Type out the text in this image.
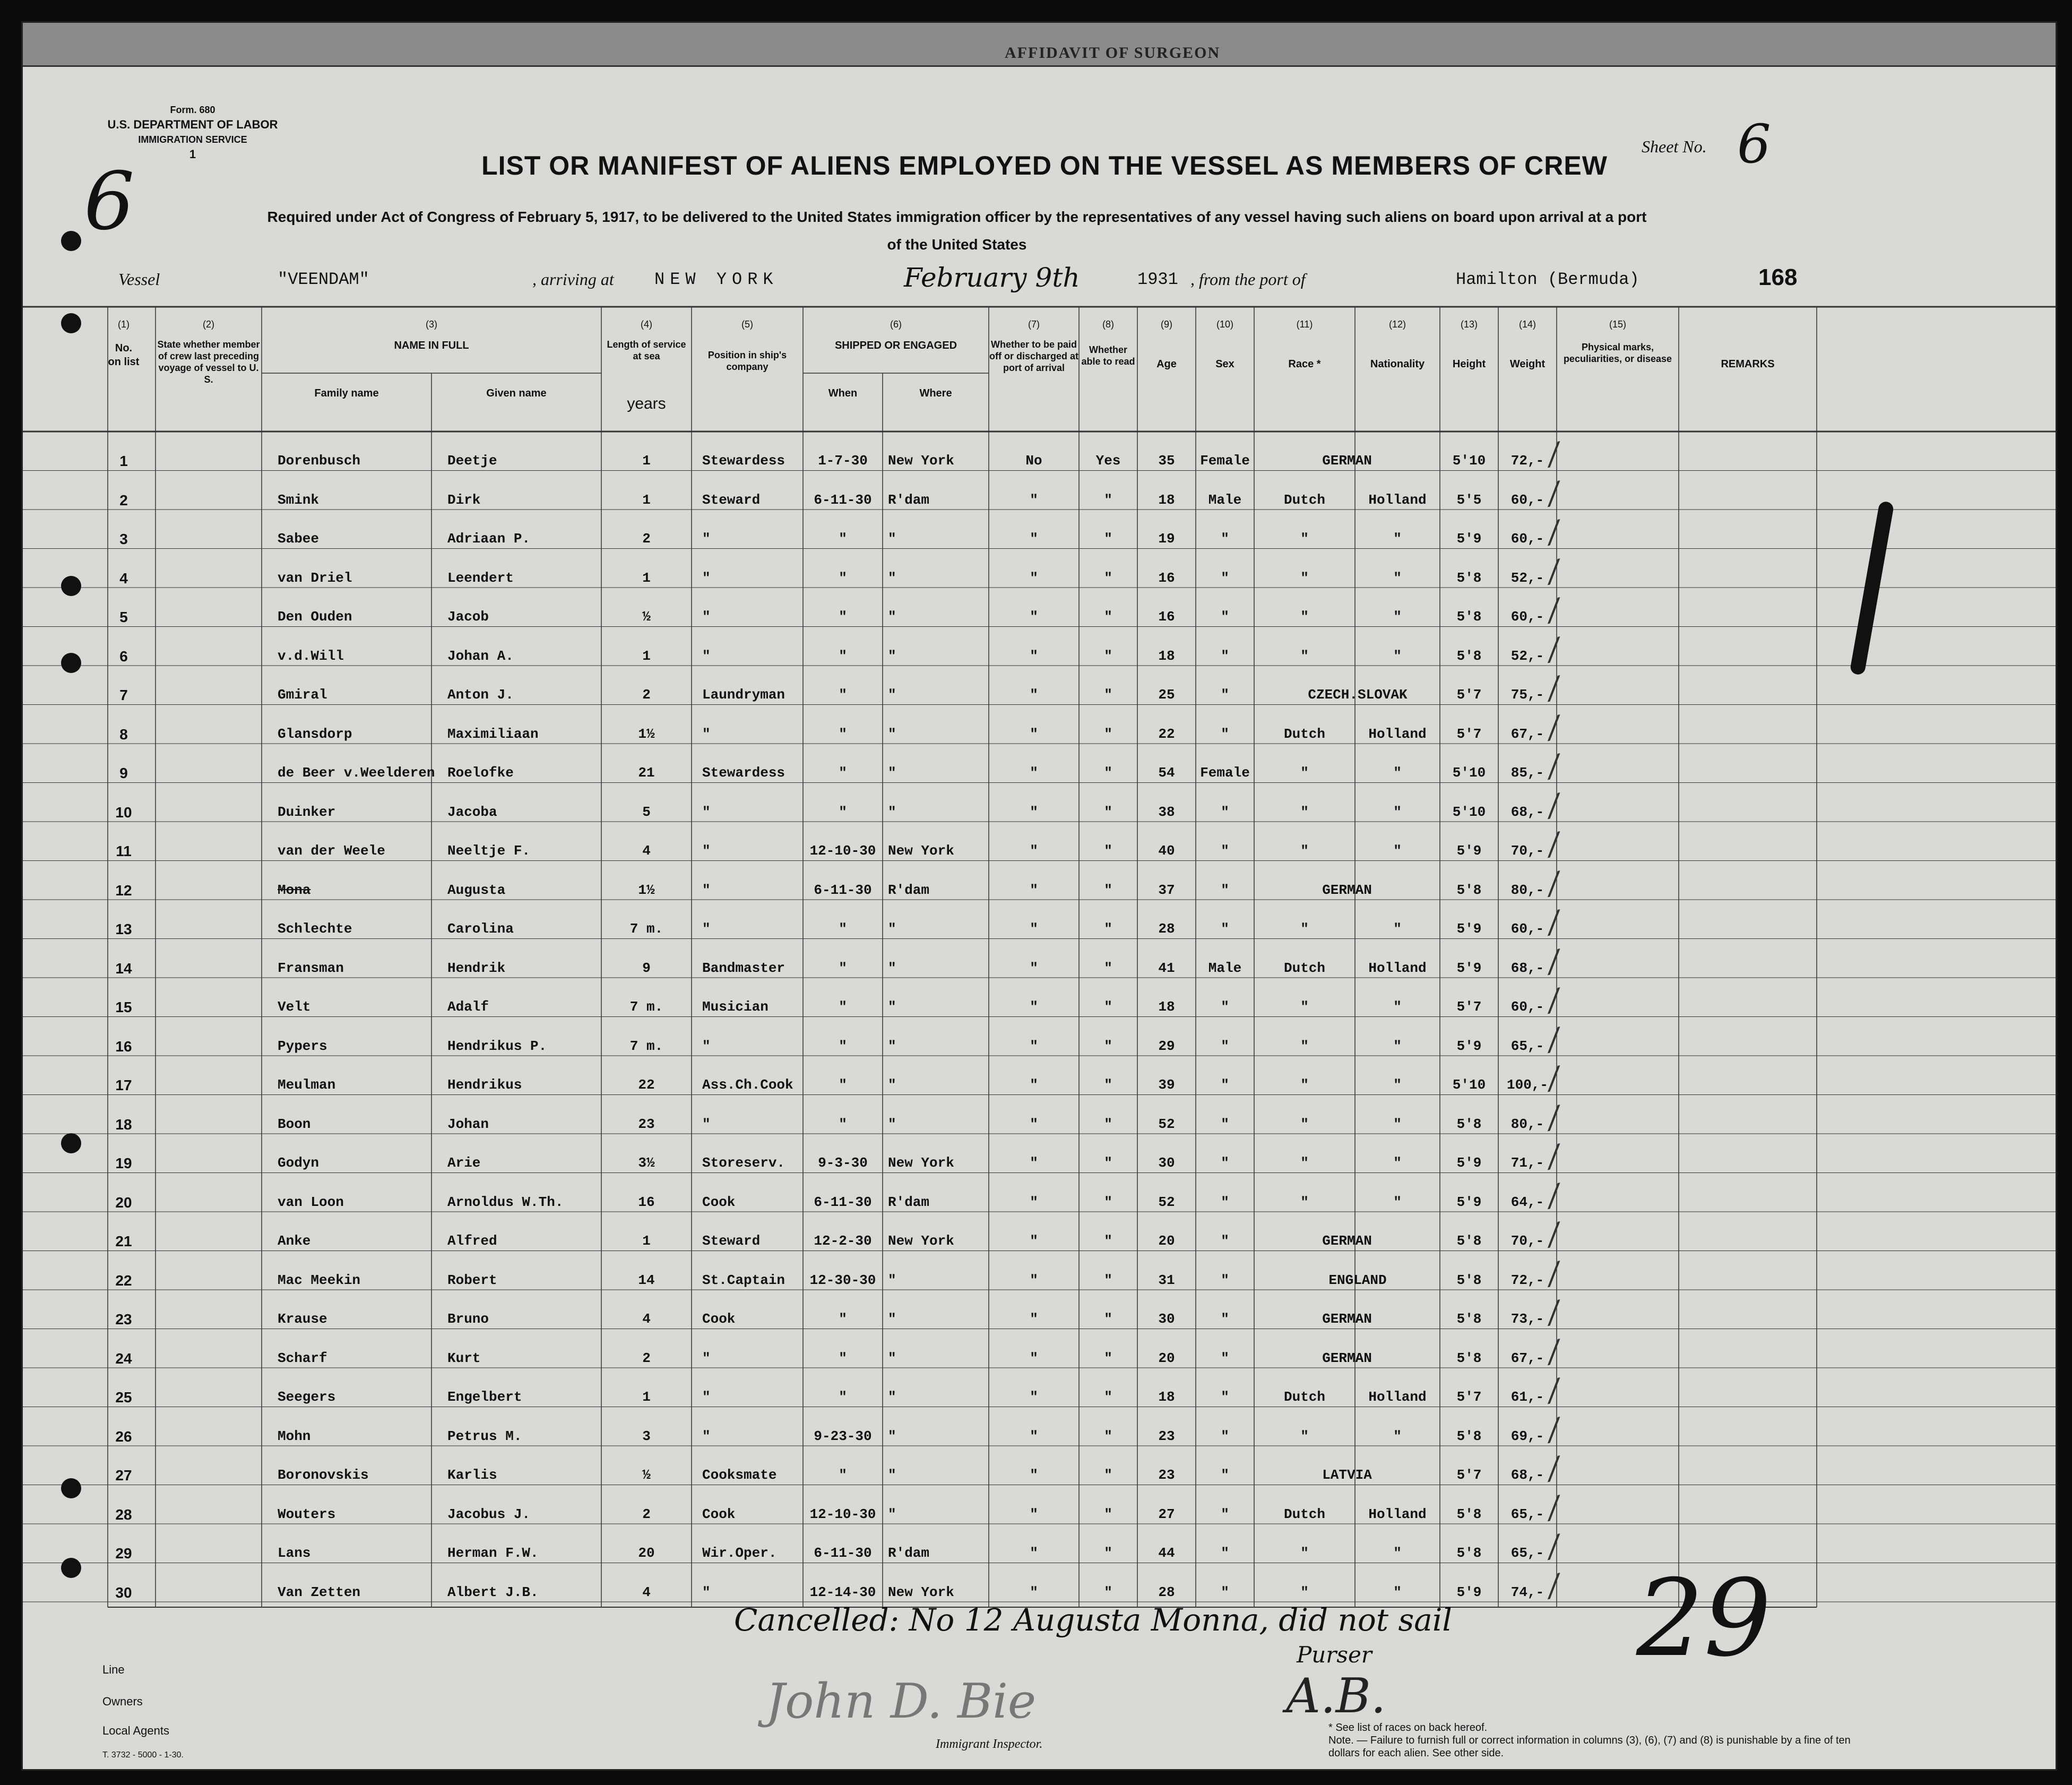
AFFIDAVIT OF SURGEON
Form. 680
U.S. DEPARTMENT OF LABOR
IMMIGRATION SERVICE
1
6	LIST OR MANIFEST OF ALIENS EMPLOYED ON THE VESSEL AS MEMBERS OF CREW
Sheet No. 6
Required under Act of Congress of February 5, 1917, to be delivered to the United States immigration officer by the representatives of any vessel having such aliens on board upon arrival at a port
of the United States
Vessel	"VEENDAM"	, arriving at NEW YORK	February 9th	1931 , from the port of	Hamilton (Bermuda)	168
(1)	(2)	(3)	(4)	(5)	(6)	(7)	(8)	(9)	(10)	(11)	(12)	(13)	(14)	(15)
No. on list
State whether member of crew last preceding voyage of vessel to U. S.
NAME IN FULL
Family name	Given name
Length of service at sea
years
Position in ship's company
SHIPPED OR ENGAGED
When	Where
Whether to be paid off or discharged at port of arrival
Whether able to read	Age	Sex	Race *	Nationality	Height	Weight
Physical marks, peculiarities, or disease	REMARKS
1	Dorenbusch	Deetje	1	Stewardess	1-7-30	New York	No	Yes	35	Female	GERMAN	5'10	72,- ⁄
2	Smink	Dirk	1	Steward	6-11-30	R'dam	"	"	18	Male	Dutch	Holland	5'5	60,- ⁄
3	Sabee	Adriaan P.	2	"	"	"	"	"	19	"	"	"	5'9	60,- ⁄
4	van Driel	Leendert	1	"	"	"	"	"	16	"	"	"	5'8	52,- ⁄
5	Den Ouden	Jacob	½	"	"	"	"	"	16	"	"	"	5'8	60,- ⁄
6	v.d.Will	Johan A.	1	"	"	"	"	"	18	"	"	"	5'8	52,- ⁄
7	Gmiral	Anton J.	2	Laundryman	"	"	"	"	25	"	CZECH.SLOVAK	5'7	75,- ⁄
8	Glansdorp	Maximiliaan	1½	"	"	"	"	"	22	"	Dutch	Holland	5'7	67,- ⁄
9	de Beer v.Weelderen Roelofke	21	Stewardess	"	"	"	"	54	Female	"	"	5'10	85,- ⁄
10	Duinker	Jacoba	5	"	"	"	"	"	38	"	"	"	5'10	68,- ⁄
11	van der Weele	Neeltje F.	4	"	12-10-30 New York	"	"	40	"	"	"	5'9	70,- ⁄
12	Mona	Augusta	1½	"	6-11-30	R'dam	"	"	37	"	GERMAN	5'8	80,- ⁄
13	Schlechte	Carolina	7 m.	"	"	"	"	"	28	"	"	"	5'9	60,- ⁄
14	Fransman	Hendrik	9	Bandmaster	"	"	"	"	41	Male	Dutch	Holland	5'9	68,- ⁄
15	Velt	Adalf	7 m.	Musician	"	"	"	"	18	"	"	"	5'7	60,- ⁄
16	Pypers	Hendrikus P.	7 m.	"	"	"	"	"	29	"	"	"	5'9	65,- ⁄
17	Meulman	Hendrikus	22	Ass.Ch.Cook	"	"	"	"	39	"	"	"	5'10	100,- ⁄
18	Boon	Johan	23	"	"	"	"	"	52	"	"	"	5'8	80,- ⁄
19	Godyn	Arie	3½	Storeserv.	9-3-30	New York	"	"	30	"	"	"	5'9	71,- ⁄
20	van Loon	Arnoldus W.Th.	16	Cook	6-11-30	R'dam	"	"	52	"	"	"	5'9	64,- ⁄
21	Anke	Alfred	1	Steward	12-2-30	New York	"	"	20	"	GERMAN	5'8	70,- ⁄
22	Mac Meekin	Robert	14	St.Captain	12-30-30 "	"	"	31	"	ENGLAND	5'8	72,- ⁄
23	Krause	Bruno	4	Cook	"	"	"	"	30	"	GERMAN	5'8	73,- ⁄
24	Scharf	Kurt	2	"	"	"	"	"	20	"	GERMAN	5'8	67,- ⁄
25	Seegers	Engelbert	1	"	"	"	"	"	18	"	Dutch	Holland	5'7	61,- ⁄
26	Mohn	Petrus M.	3	"	9-23-30	"	"	"	23	"	"	"	5'8	69,- ⁄
27	Boronovskis	Karlis	½	Cooksmate	"	"	"	"	23	"	LATVIA	5'7	68,- ⁄
28	Wouters	Jacobus J.	2	Cook	12-10-30 "	"	"	27	"	Dutch	Holland	5'8	65,- ⁄
29	Lans	Herman F.W.	20	Wir.Oper.	6-11-30	R'dam	"	"	44	"	"	"	5'8	65,- ⁄
30	Van Zetten	Albert J.B.	4	"	12-14-30 New York	"	"	28	"	"	"	5'9	74,- ⁄
Cancelled: No 12 Augusta Monna, did not sail
Purser 29
Line
Owners
Local Agents
John D. Bie
Immigrant Inspector.
A.B.
* See list of races on back hereof.
Note. — Failure to furnish full or correct information in columns (3), (6), (7) and (8) is punishable by a fine of ten dollars for each alien. See other side.
T. 3732 - 5000 - 1-30.
